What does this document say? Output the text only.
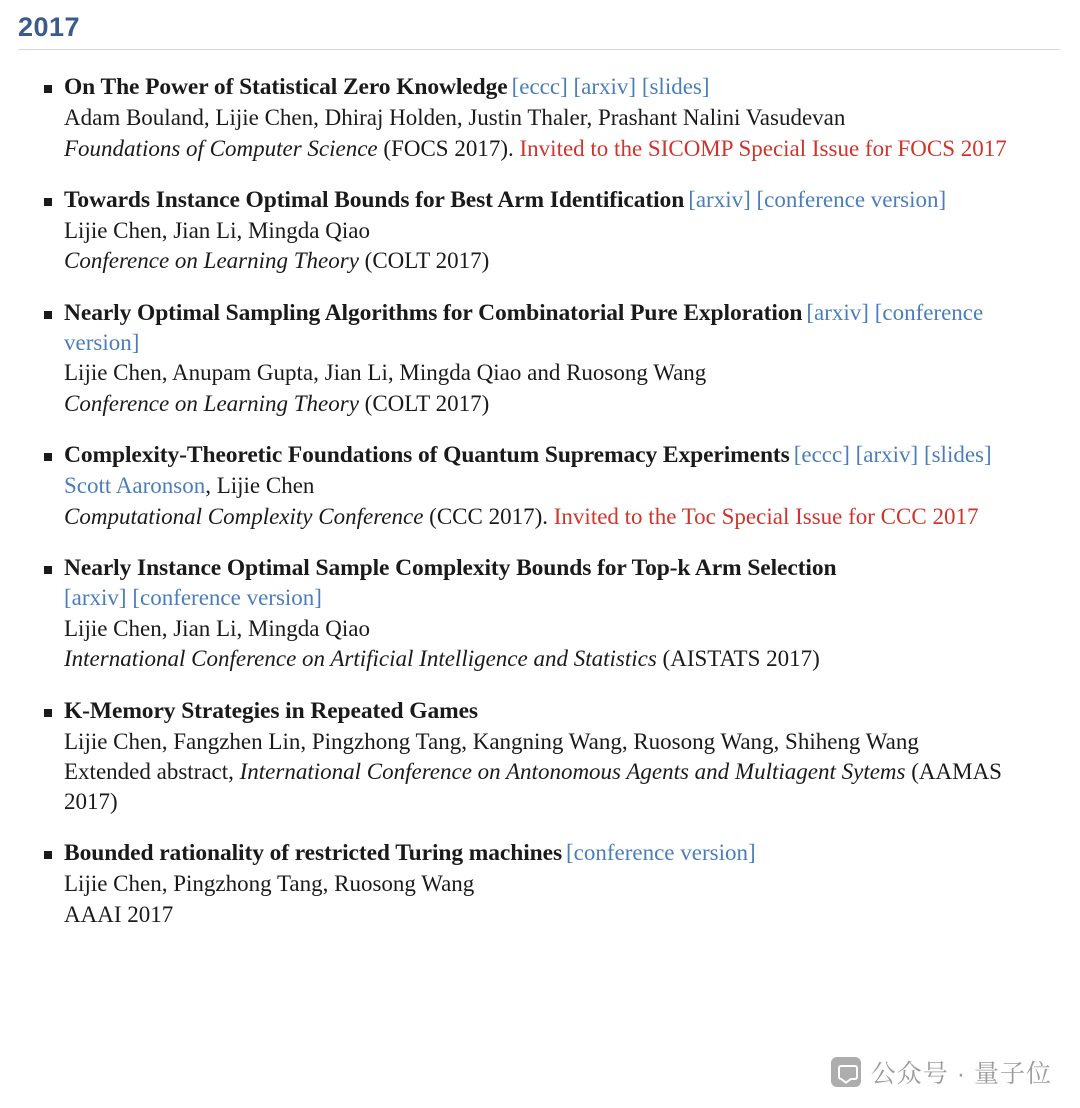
2017
On The Power of Statistical Zero Knowledge [eccc] [arxiv] [slides]
Adam Bouland, Lijie Chen, Dhiraj Holden, Justin Thaler, Prashant Nalini Vasudevan
Foundations of Computer Science (FOCS 2017). Invited to the SICOMP Special Issue for FOCS 2017
Towards Instance Optimal Bounds for Best Arm Identification [arxiv] [conference version]
Lijie Chen, Jian Li, Mingda Qiao
Conference on Learning Theory (COLT 2017)
Nearly Optimal Sampling Algorithms for Combinatorial Pure Exploration [arxiv] [conference version]
Lijie Chen, Anupam Gupta, Jian Li, Mingda Qiao and Ruosong Wang
Conference on Learning Theory (COLT 2017)
Complexity-Theoretic Foundations of Quantum Supremacy Experiments [eccc] [arxiv] [slides]
Scott Aaronson, Lijie Chen
Computational Complexity Conference (CCC 2017). Invited to the Toc Special Issue for CCC 2017
Nearly Instance Optimal Sample Complexity Bounds for Top-k Arm Selection
[arxiv] [conference version]
Lijie Chen, Jian Li, Mingda Qiao
International Conference on Artificial Intelligence and Statistics (AISTATS 2017)
K-Memory Strategies in Repeated Games
Lijie Chen, Fangzhen Lin, Pingzhong Tang, Kangning Wang, Ruosong Wang, Shiheng Wang
Extended abstract, International Conference on Antonomous Agents and Multiagent Sytems (AAMAS 2017)
Bounded rationality of restricted Turing machines [conference version]
Lijie Chen, Pingzhong Tang, Ruosong Wang
AAAI 2017
公众号 · 量子位
